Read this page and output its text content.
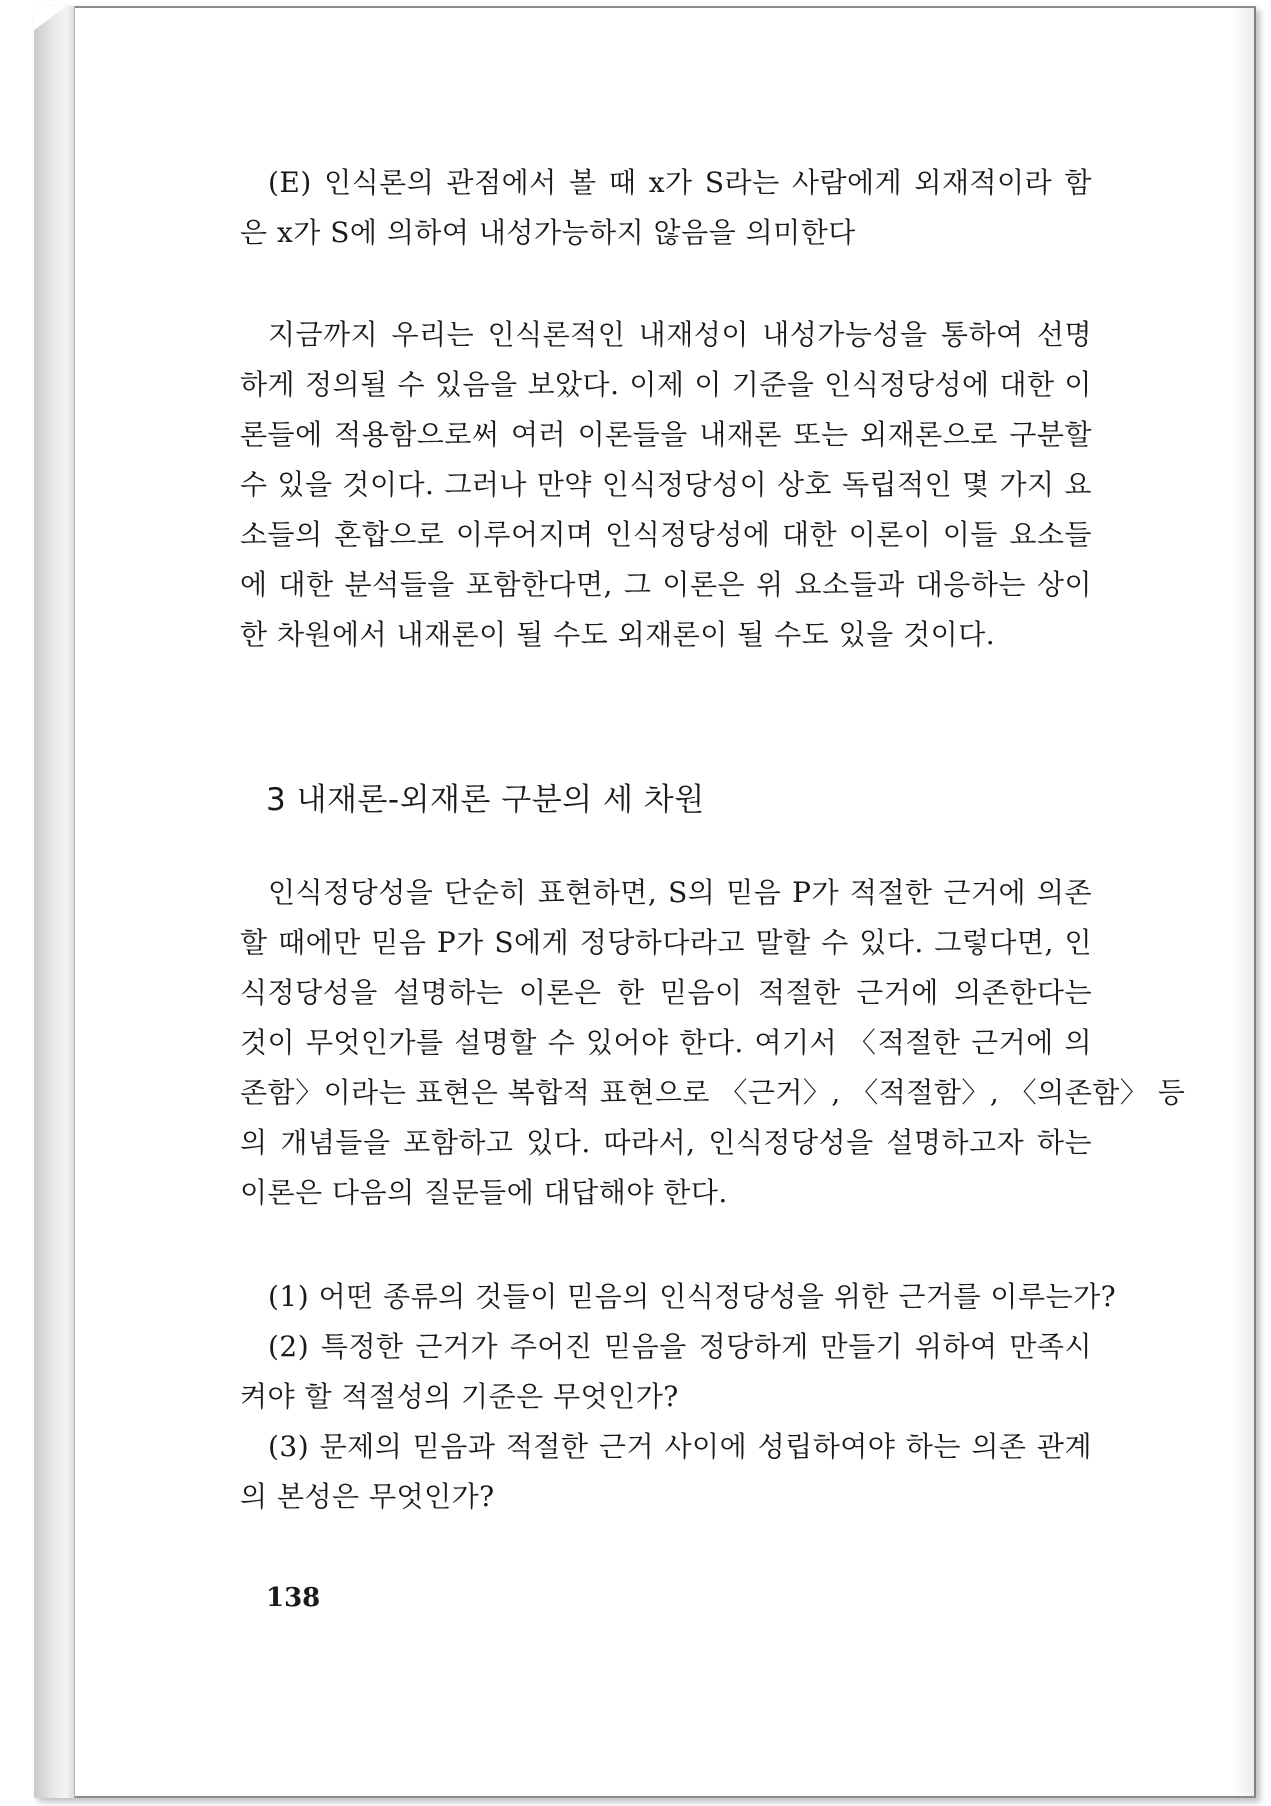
(E) 인식론의 관점에서 볼 때 x가 S라는 사람에게 외재적이라 함
은 x가 S에 의하여 내성가능하지 않음을 의미한다
지금까지 우리는 인식론적인 내재성이 내성가능성을 통하여 선명
하게 정의될 수 있음을 보았다. 이제 이 기준을 인식정당성에 대한 이
론들에 적용함으로써 여러 이론들을 내재론 또는 외재론으로 구분할
수 있을 것이다. 그러나 만약 인식정당성이 상호 독립적인 몇 가지 요
소들의 혼합으로 이루어지며 인식정당성에 대한 이론이 이들 요소들
에 대한 분석들을 포함한다면, 그 이론은 위 요소들과 대응하는 상이
한 차원에서 내재론이 될 수도 외재론이 될 수도 있을 것이다.
3 내재론-외재론 구분의 세 차원
인식정당성을 단순히 표현하면, S의 믿음 P가 적절한 근거에 의존
할 때에만 믿음 P가 S에게 정당하다라고 말할 수 있다. 그렇다면, 인
식정당성을 설명하는 이론은 한 믿음이 적절한 근거에 의존한다는
것이 무엇인가를 설명할 수 있어야 한다. 여기서 〈적절한 근거에 의
존함〉이라는 표현은 복합적 표현으로 〈근거〉, 〈적절함〉, 〈의존함〉 등
의 개념들을 포함하고 있다. 따라서, 인식정당성을 설명하고자 하는
이론은 다음의 질문들에 대답해야 한다.
(1) 어떤 종류의 것들이 믿음의 인식정당성을 위한 근거를 이루는가?
(2) 특정한 근거가 주어진 믿음을 정당하게 만들기 위하여 만족시
켜야 할 적절성의 기준은 무엇인가?
(3) 문제의 믿음과 적절한 근거 사이에 성립하여야 하는 의존 관계
의 본성은 무엇인가?
138
